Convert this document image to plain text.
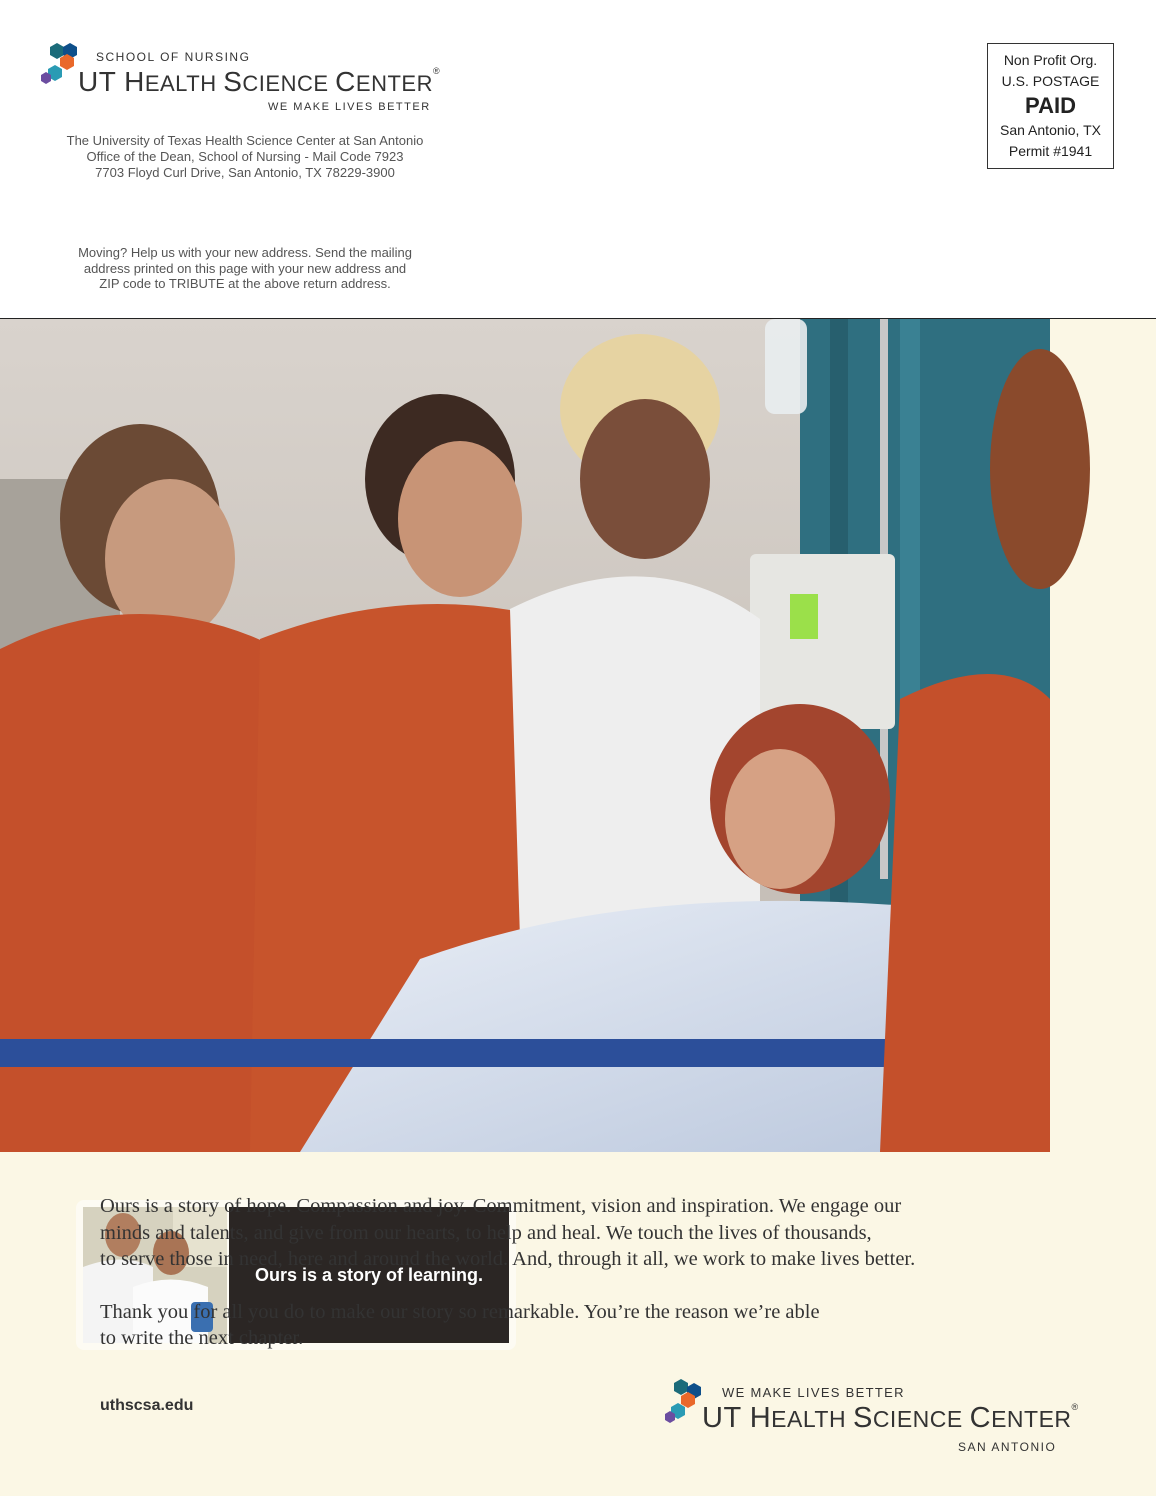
SCHOOL OF NURSING
UT HEALTH SCIENCE CENTER®
WE MAKE LIVES BETTER
The University of Texas Health Science Center at San Antonio
Office of the Dean, School of Nursing - Mail Code 7923
7703 Floyd Curl Drive, San Antonio, TX 78229-3900
Moving? Help us with your new address. Send the mailing
address printed on this page with your new address and
ZIP code to TRIBUTE at the above return address.
Non Profit Org.
U.S. POSTAGE
PAID
San Antonio, TX
Permit #1941
Ours is a story of learning.

Ours is a story of hope. Compassion and joy. Commitment, vision and inspiration. We engage our
minds and talents, and give from our hearts, to help and heal. We touch the lives of thousands,
to serve those in need, here and around the world. And, through it all, we work to make lives better.

Thank you for all you do to make our story so remarkable. You’re the reason we’re able
to write the next chapter.

uthscsa.edu
WE MAKE LIVES BETTER
UT HEALTH SCIENCE CENTER®
SAN ANTONIO
